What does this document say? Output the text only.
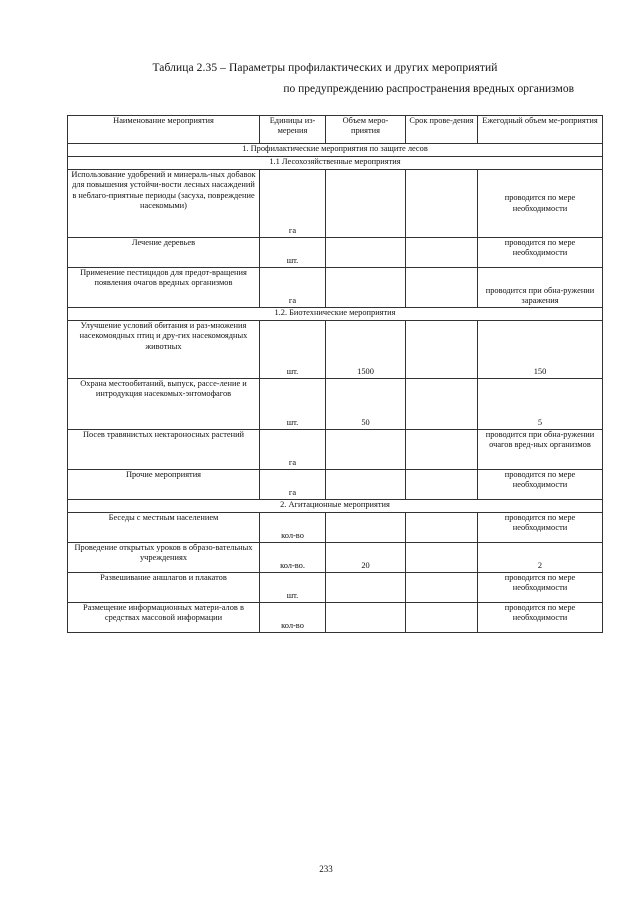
Таблица 2.35 – Параметры профилактических и других мероприятий
по предупреждению распространения вредных организмов
Наименование мероприятия	Единицы из-мерения	Объем меро-приятия	Срок прове-дения	Ежегодный объем ме-роприятия
1. Профилактические мероприятия по защите лесов				
1.1 Лесохозяйственные мероприятия				
Использование удобрений и минераль-ных добавок для повышения устойчи-вости лесных насаждений в неблаго-приятные периоды (засуха, повреждение насекомыми)	га			проводится по мере необходимости
Лечение деревьев	шт.			проводится по мере необходимости
Применение пестицидов для предот-вращения появления очагов вредных организмов	га			проводится при обна-ружении заражения
1.2. Биотехнические мероприятия				
Улучшение условий обитания и раз-множения насекомоядных птиц и дру-гих насекомоядных животных	шт.	1500		150
Охрана местообитаний, выпуск, рассе-ление и интродукция насекомых-энтомофагов	шт.	50		5
Посев травянистых нектароносных растений	га			проводится при обна-ружении очагов вред-ных организмов
Прочие мероприятия	га			проводится по мере необходимости
2. Агитационные мероприятия				
Беседы с местным населением	кол-во			проводится по мере необходимости
Проведение открытых уроков в образо-вательных учреждениях	кол-во.	20		2
Развешивание аншлагов и плакатов	шт.			проводится по мере необходимости
Размещение информационных матери-алов в средствах массовой информации	кол-во			проводится по мере необходимости
233
